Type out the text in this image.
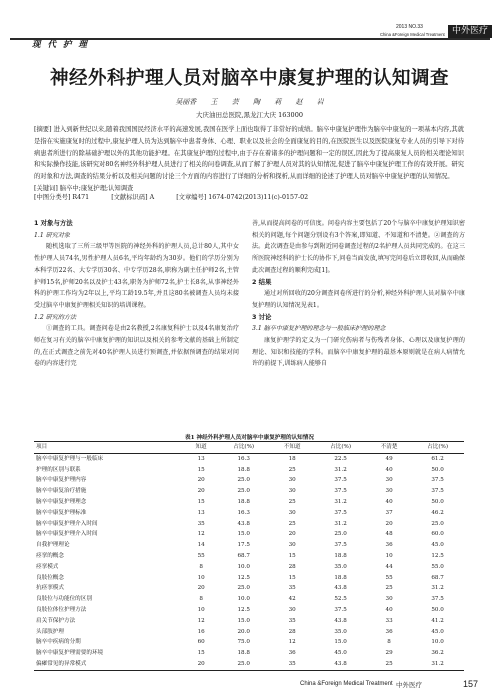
现 代 护 理
2013 NO.33
China &Foreign Medical Treatment 中外医疗
神经外科护理人员对脑卒中康复护理的认知调查
吴丽香 王 芸 陶 莉 赵 岩
大庆油田总医院,黑龙江大庆 163000
[摘要] 进入到新世纪以来,随着我国国民经济水平的高速发展,我国在医学上面也取得了非常好的成绩。脑卒中康复护理作为脑卒中康复的一项基本内容,其就是指在实施康复时的过程中,康复护理人员为达到脑卒中患者身体、心理、职业以及社会的全面康复的目的,在医院医生以及医院康复专业人员的引导下对待病患者所进行的除基础护理以外的其他功能护理。在其康复护理的过程中,由于存在着诸多的护理问题和一定的误区,因此为了提高康复人员的相关理论知识和实际操作技能,该研究对80名神经外科护理人员进行了相关的问卷调查,从而了解了护理人员对其的认知情况,促进了脑卒中康复护理工作的有效开展。研究的对象和方法,调查的结果分析以及相关问题的讨论三个方面的内容进行了详细的分析和探析,从而详细的论述了护理人员对脑卒中康复护理的认知情况。
[关键词] 脑卒中;康复护理;认知调查
[中图分类号] R471	[文献标识码] A	[文章编号] 1674-0742(2013)11(c)-0157-02

1 对象与方法

1.1 研究对象

随机选取了三所三级甲等医院的神经外科的护理人员,总计80人,其中女性护理人员74名,男性护理人员6名,平均年龄约为30岁。他们的学历分别为本科学历22名、大专学历30名、中专学历28名,职称为副主任护师2名,主管护师15名,护师20名以及护士43名,职务为护师72名,护士长8名,从事神经外科的护理工作均为2年以上,平均工龄19.5年,并且这80名被调查人员均未接受过脑卒中康复护理相关知识的培训课程。

1.2 研究的方法

①调查的工具。调查问卷是由2名教授,2名康复科护士以及4名康复治疗师在复习有关的脑卒中康复护理的知识以及相关的参考文献的基础上所制定的,在正式调查之前先对40名护理人员进行预调查,并依据预调查的结果对问卷的内容进行完

善,从而提高问卷的可信度。问卷内容主要包括了20个与脑卒中康复护理知识密相关的问题,每个问题分别设有3个答案,即知道、不知道和不清楚。②调查的方法。此次调查是由参与到附近同卷调查过程的2名护理人员共同完成的。在这三所医院神经科的护士长的协作下,问卷当面发放,填写完问卷后立即收回,从而确保此次调查过程的顺利完成[1]。

2 结果

通过对所回收的20分调查问卷所进行的分析,神经外科护理人员对脑卒中康复护理的认知情况见表1。

3 讨论

3.1 脑卒中康复护理的理念与一般临床护理的理念

康复护理学的定义为一门研究伤病者与伤残者身体、心理以及康复护理的理论、知识和技能的学科。而脑卒中康复护理的最基本原则就是在病人病情允许的前提下,训练病人能够自

表1 神经外科护理人员对脑卒中康复护理的认知情况
项目	知道	占比(%)	不知道	占比(%)	不清楚	占比(%)
脑卒中康复护理与一般临床	13	16.3	18	22.5	49	61.2
护理的区别与联系	15	18.8	25	31.2	40	50.0
脑卒中康复护理内容	20	25.0	30	37.5	30	37.5
脑卒中康复治疗措施	20	25.0	30	37.5	30	37.5
脑卒中康复护理理念	15	18.8	25	31.2	40	50.0
脑卒中康复护理标准	13	16.3	30	37.5	37	46.2
脑卒中康复护理介入时间	35	43.8	25	31.2	20	25.0
脑卒中康复护理介入时间	12	15.0	20	25.0	48	60.0
自我护理理论	14	17.5	30	37.5	36	45.0
痉挛的概念	55	68.7	15	18.8	10	12.5
痉挛模式	8	10.0	28	35.0	44	55.0
良肢位概念	10	12.5	15	18.8	55	68.7
抗痉挛模式	20	25.0	35	43.8	25	31.2
良肢位与功能位的区别	8	10.0	42	52.5	30	37.5
良肢位体位护理方法	10	12.5	30	37.5	40	50.0
肩关节保护方法	12	15.0	35	43.8	33	41.2
头部肢护理	16	20.0	28	35.0	36	45.0
脑卒中疾病的分期	60	75.0	12	15.0	8	10.0
脑卒中康复护理需要的环境	15	18.8	36	45.0	29	36.2
偏瘫常见的异常模式	20	25.0	35	43.8	25	31.2
China &Foreign Medical Treatment 中外医疗	157
